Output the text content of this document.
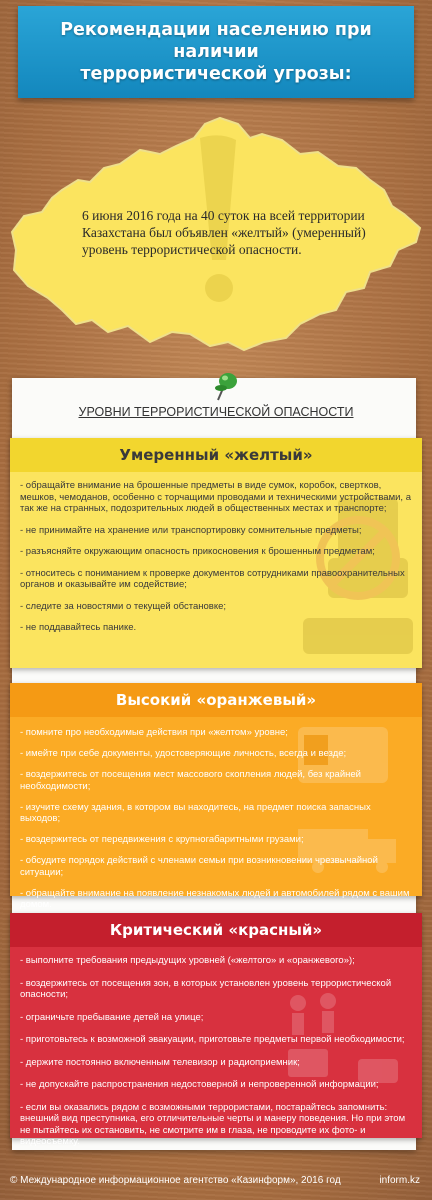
Рекомендации населению при наличии
террористической угрозы:
6 июня 2016 года на 40 суток на всей территории Казахстана был объявлен «желтый» (умеренный) уровень террористической опасности.
УРОВНИ ТЕРРОРИСТИЧЕСКОЙ ОПАСНОСТИ
Умеренный «желтый»
- обращайте внимание на брошенные предметы в виде сумок, коробок, свертков, мешков, чемоданов, особенно с торчащими проводами и техническими устройствами, а так же на странных, подозрительных людей в общественных местах и транспорте;
- не принимайте на хранение или транспортировку сомнительные предметы;
- разъясняйте окружающим опасность прикосновения к брошенным предметам;
- относитесь с пониманием к проверке документов сотрудниками правоохранительных органов и оказывайте им содействие;
- следите за новостями о текущей обстановке;
- не поддавайтесь панике.
Высокий «оранжевый»
- помните про необходимые действия при «желтом» уровне;
- имейте при себе документы, удостоверяющие личность, всегда и везде;
- воздержитесь от посещения мест массового скопления людей, без крайней необходимости;
- изучите схему здания, в котором вы находитесь, на предмет поиска запасных выходов;
- воздержитесь от передвижения с крупногабаритными грузами;
- обсудите порядок действий с членами семьи при возникновении чрезвычайной ситуации;
- обращайте внимание на появление незнакомых людей и автомобилей рядом с вашим домом.
Критический «красный»
- выполните требования предыдущих уровней («желтого» и «оранжевого»);
- воздержитесь от посещения зон, в которых установлен уровень террористической опасности;
- ограничьте пребывание детей на улице;
- приготовьтесь к возможной эвакуации, приготовьте предметы первой необходимости;
- держите постоянно включенным телевизор и радиоприемник;
- не допускайте распространения недостоверной и непроверенной информации;
- если вы оказались рядом с возможными террористами, постарайтесь запомнить: внешний вид преступника, его отличительные черты и манеру поведения. Но при этом не пытайтесь их остановить, не смотрите им в глаза, не проводите их фото- и видеосъемку.
© Международное информационное агентство «Казинформ», 2016 год	inform.kz
